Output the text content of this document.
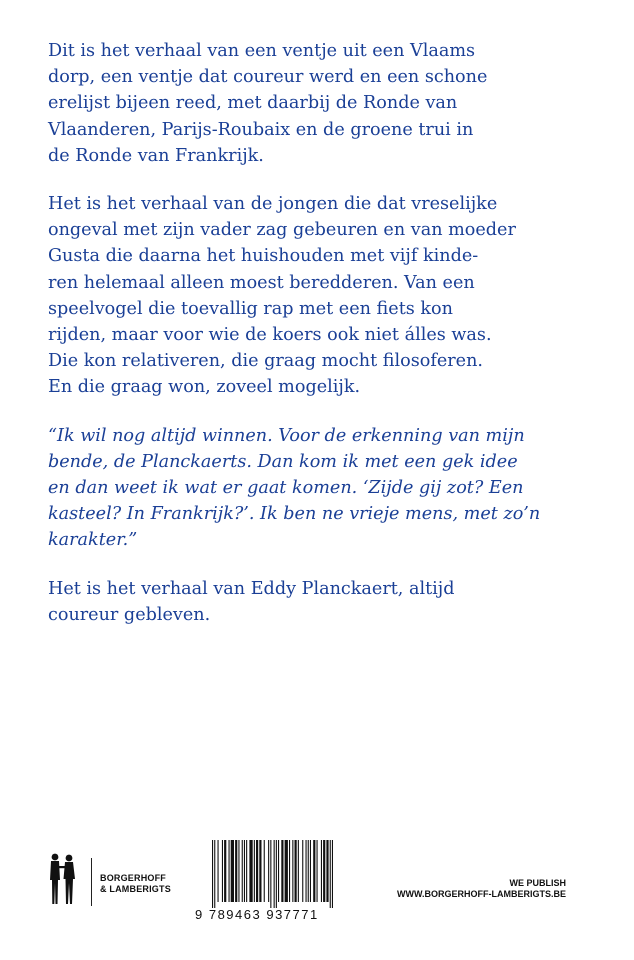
Dit is het verhaal van een ventje uit een Vlaams
dorp, een ventje dat coureur werd en een schone
erelijst bijeen reed, met daarbij de Ronde van
Vlaanderen, Parijs-Roubaix en de groene trui in
de Ronde van Frankrijk.

Het is het verhaal van de jongen die dat vreselijke
ongeval met zijn vader zag gebeuren en van moeder
Gusta die daarna het huishouden met vijf kinde-
ren helemaal alleen moest beredderen. Van een
speelvogel die toevallig rap met een fiets kon
rijden, maar voor wie de koers ook niet álles was.
Die kon relativeren, die graag mocht filosoferen.
En die graag won, zoveel mogelijk.

“Ik wil nog altijd winnen. Voor de erkenning van mijn
bende, de Planckaerts. Dan kom ik met een gek idee
en dan weet ik wat er gaat komen. ‘Zijde gij zot? Een
kasteel? In Frankrijk?’. Ik ben ne vrieje mens, met zo’n
karakter.”

Het is het verhaal van Eddy Planckaert, altijd
coureur gebleven.

BORGERHOFF
& LAMBERIGTS
9 789463 937771
WE PUBLISH
WWW.BORGERHOFF-LAMBERIGTS.BE
